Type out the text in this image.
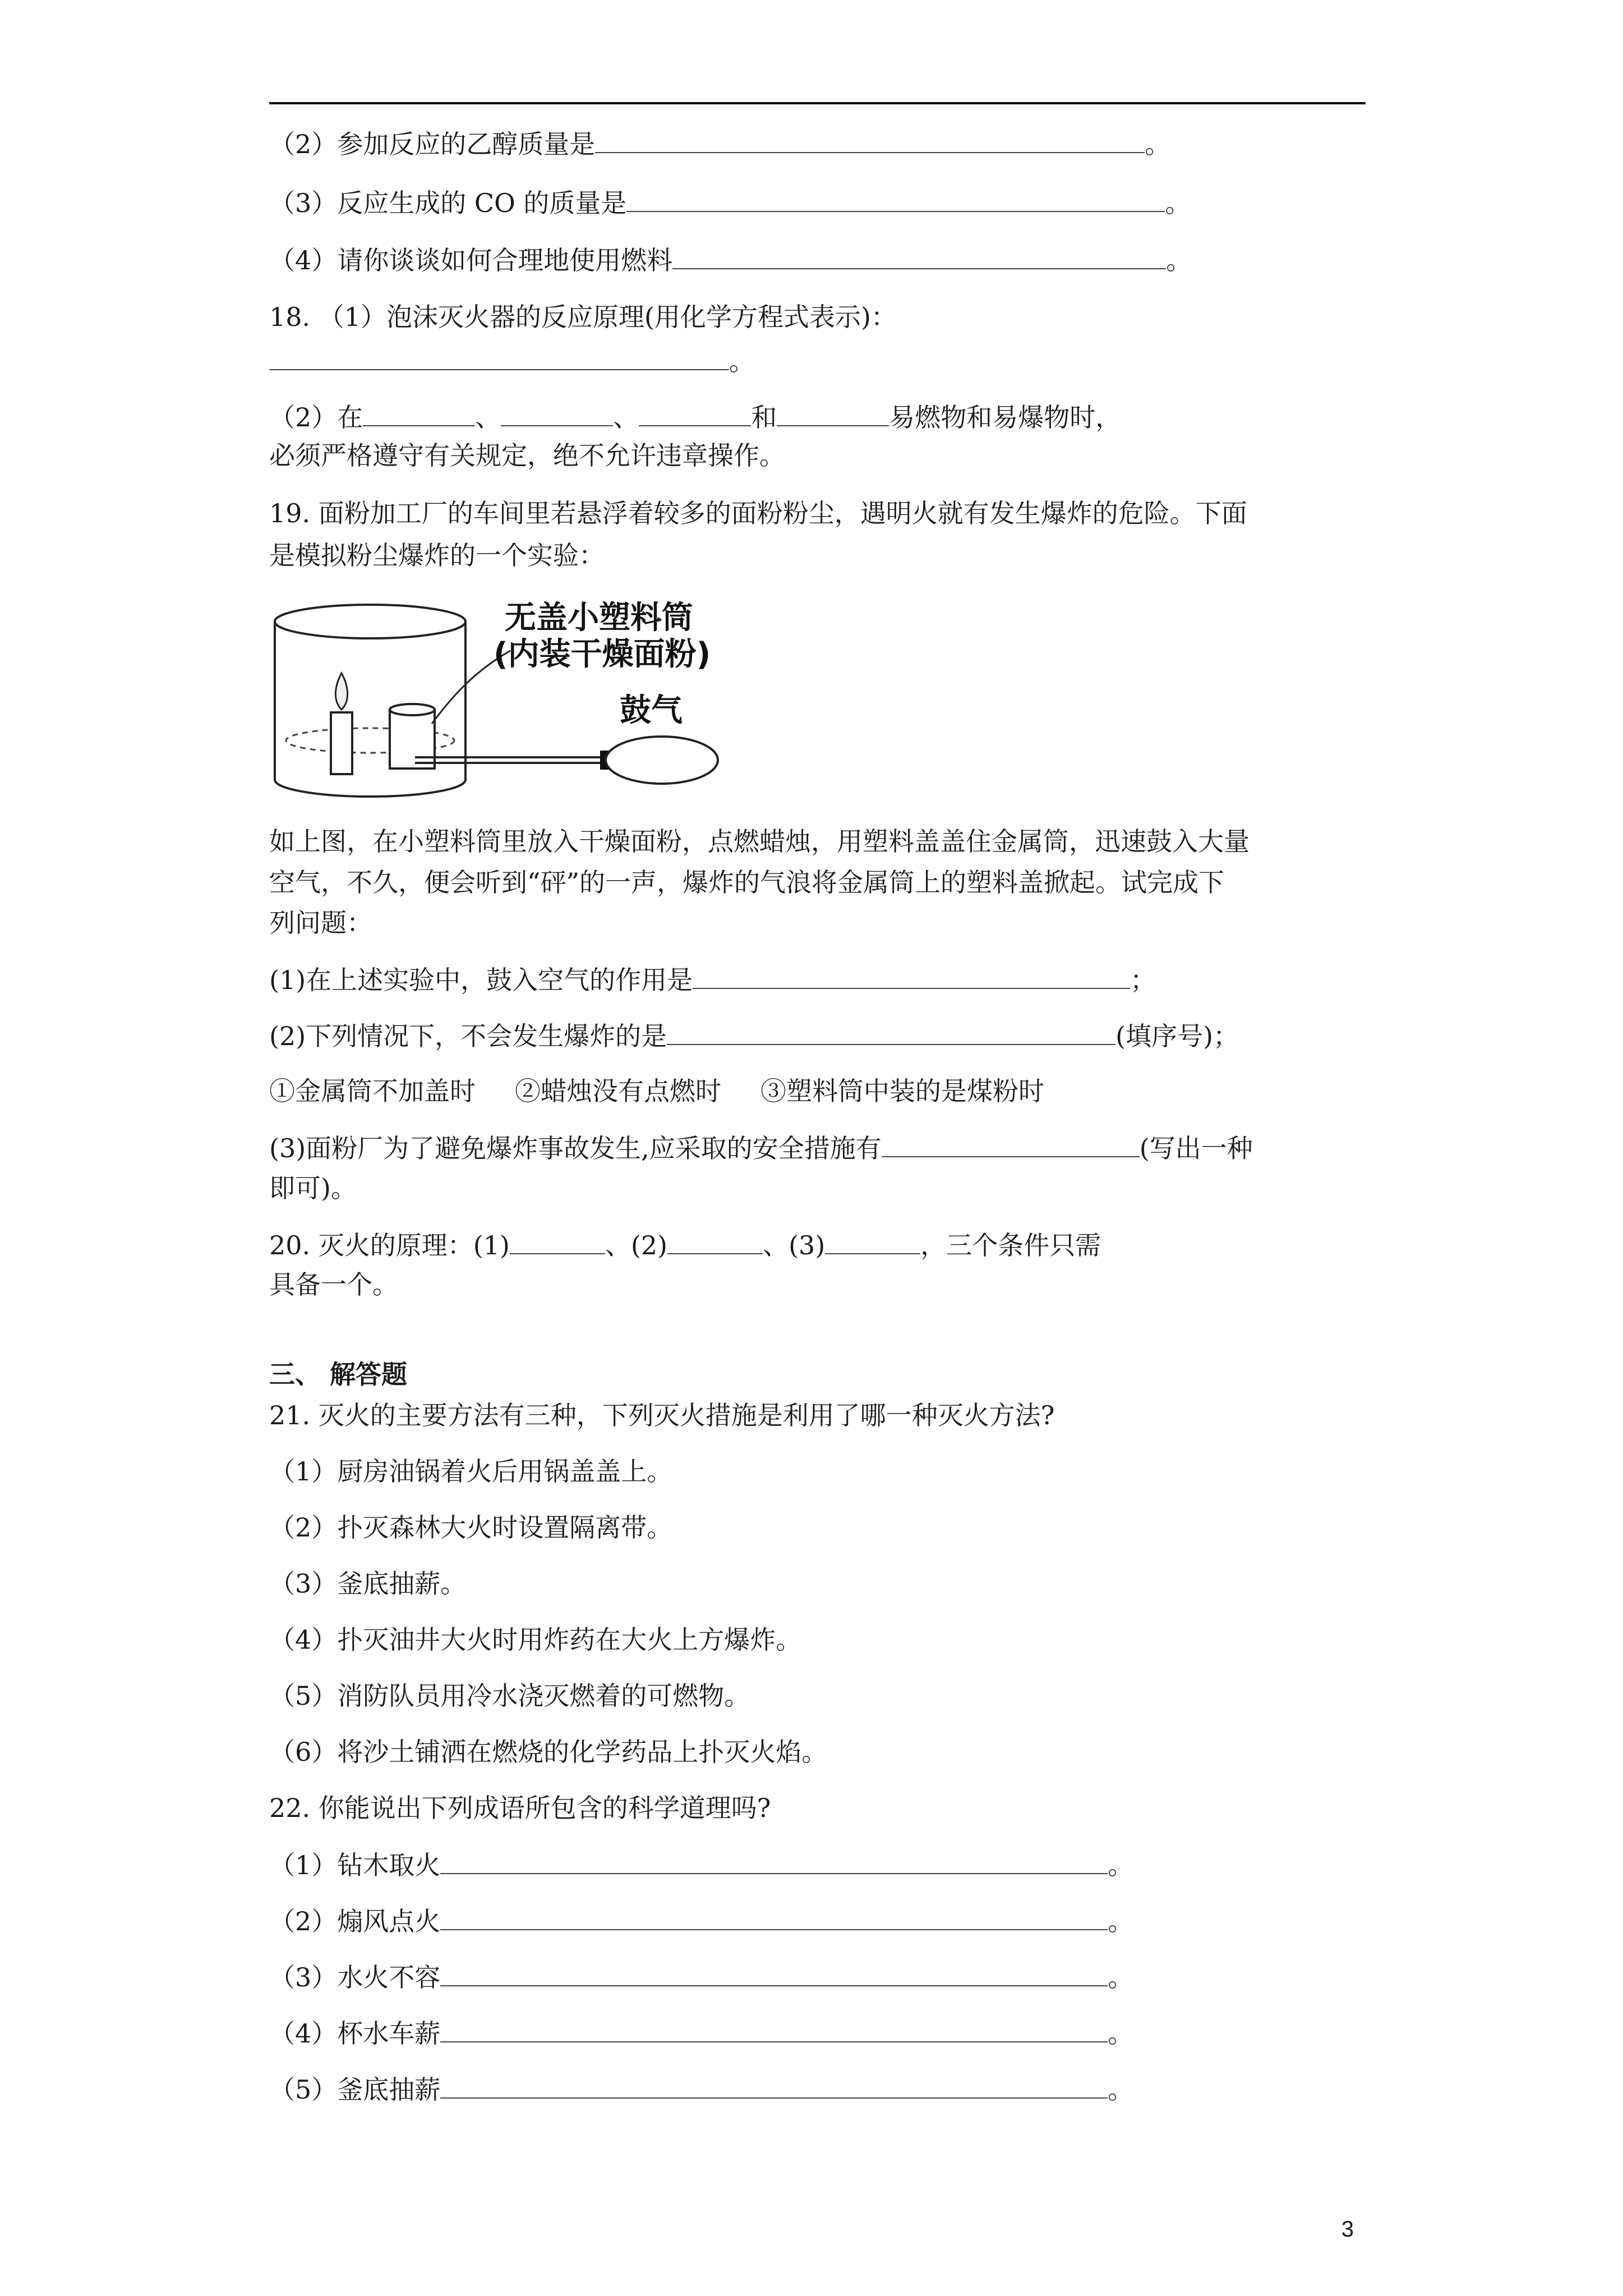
（2）参加反应的乙醇质量是	。
（3）反应生成的 CO 的质量是	。
（4）请你谈谈如何合理地使用燃料	。
18. （1）泡沫灭火器的反应原理(用化学方程式表示)：
。
（2）在	、	、	和	易燃物和易爆物时，
必须严格遵守有关规定，绝不允许违章操作。
19. 面粉加工厂的车间里若悬浮着较多的面粉粉尘，遇明火就有发生爆炸的危险。下面
是模拟粉尘爆炸的一个实验：
无盖小塑料筒
(内装干燥面粉)
鼓气
如上图，在小塑料筒里放入干燥面粉，点燃蜡烛，用塑料盖盖住金属筒，迅速鼓入大量
空气，不久，便会听到“砰”的一声，爆炸的气浪将金属筒上的塑料盖掀起。试完成下
列问题：
(1)在上述实验中，鼓入空气的作用是	；
(2)下列情况下，不会发生爆炸的是	(填序号)；
①金属筒不加盖时 ②蜡烛没有点燃时 ③塑料筒中装的是煤粉时
(3)面粉厂为了避免爆炸事故发生,应采取的安全措施有	(写出一种
即可)。
20. 灭火的原理：(1)	、(2)	、(3)	，三个条件只需
具备一个。
三、 解答题
21. 灭火的主要方法有三种，下列灭火措施是利用了哪一种灭火方法?
（1）厨房油锅着火后用锅盖盖上。
（2）扑灭森林大火时设置隔离带。
（3）釜底抽薪。
（4）扑灭油井大火时用炸药在大火上方爆炸。
（5）消防队员用冷水浇灭燃着的可燃物。
（6）将沙土铺洒在燃烧的化学药品上扑灭火焰。
22. 你能说出下列成语所包含的科学道理吗?
（1）钻木取火	。
（2）煽风点火	。
（3）水火不容	。
（4）杯水车薪	。
（5）釜底抽薪	。
3
